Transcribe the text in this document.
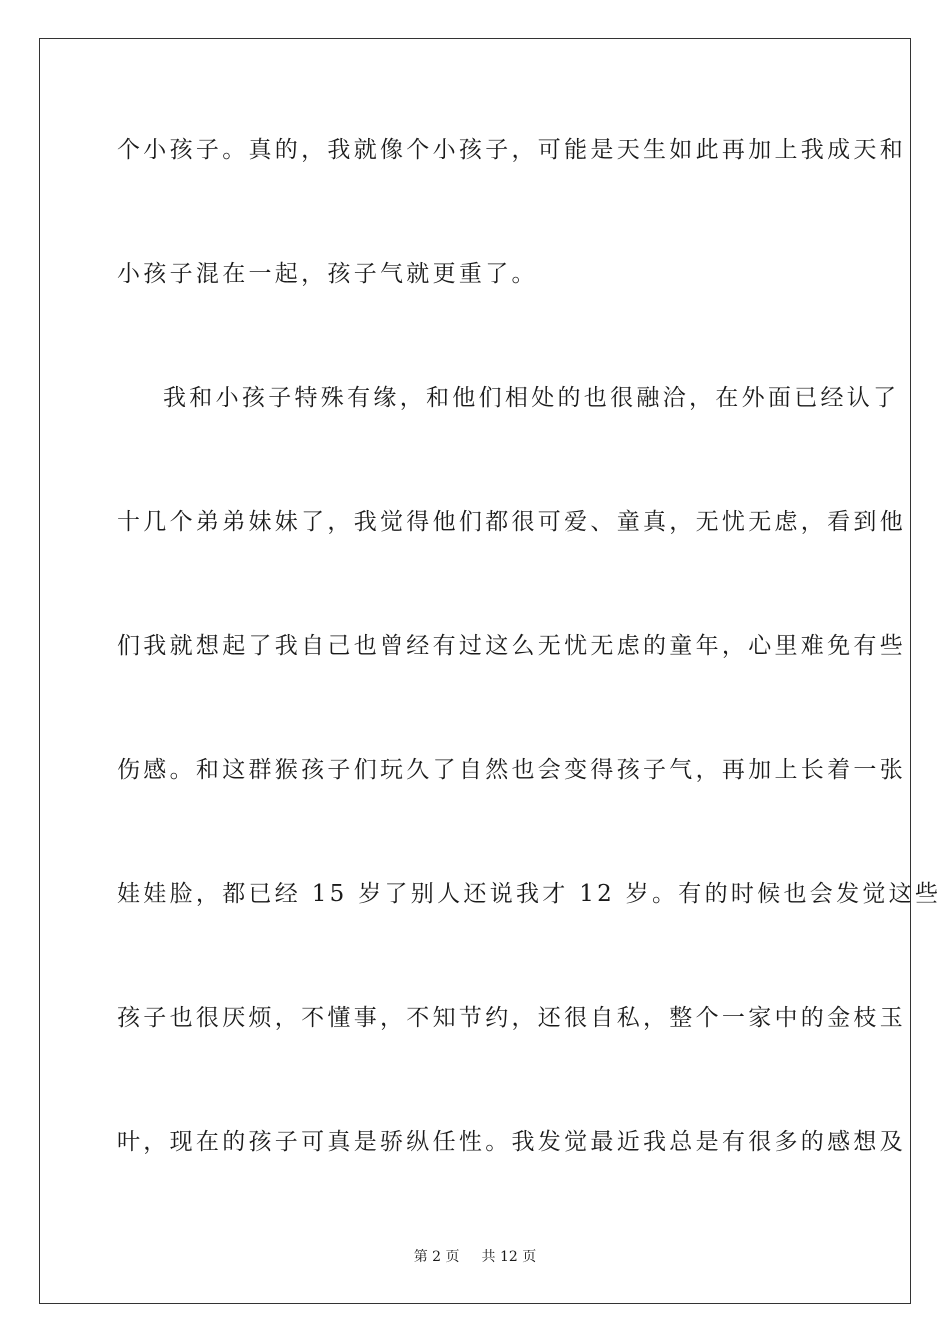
个小孩子。真的，我就像个小孩子，可能是天生如此再加上我成天和
小孩子混在一起，孩子气就更重了。
我和小孩子特殊有缘，和他们相处的也很融洽，在外面已经认了
十几个弟弟妹妹了，我觉得他们都很可爱、童真，无忧无虑，看到他
们我就想起了我自己也曾经有过这么无忧无虑的童年，心里难免有些
伤感。和这群猴孩子们玩久了自然也会变得孩子气，再加上长着一张
娃娃脸，都已经 15 岁了别人还说我才 12 岁。有的时候也会发觉这些
孩子也很厌烦，不懂事，不知节约，还很自私，整个一家中的金枝玉
叶，现在的孩子可真是骄纵任性。我发觉最近我总是有很多的感想及
第 2 页 共 12 页
